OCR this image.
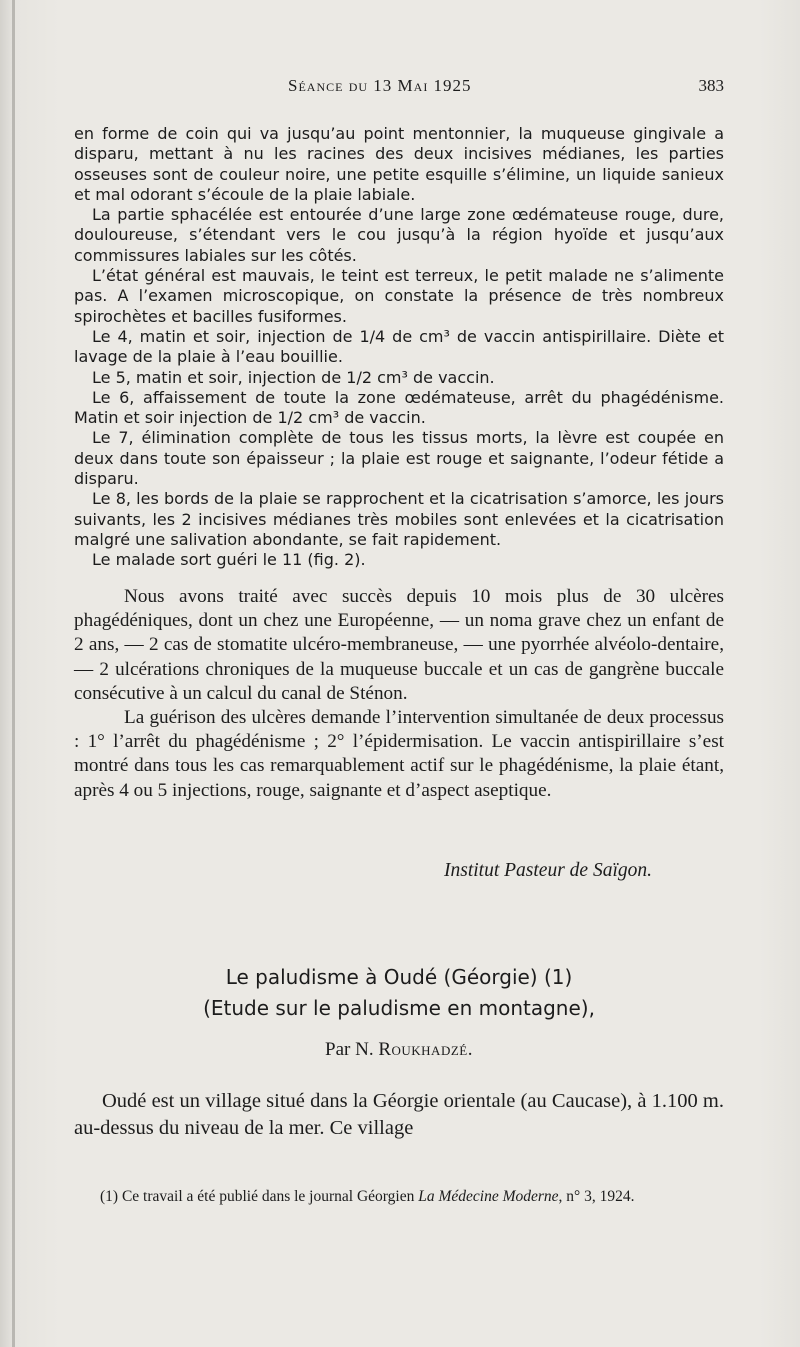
Séance du 13 Mai 1925	383

en forme de coin qui va jusqu’au point mentonnier, la muqueuse gingivale a disparu, mettant à nu les racines des deux incisives médianes, les parties osseuses sont de couleur noire, une petite esquille s’élimine, un liquide sanieux et mal odorant s’écoule de la plaie labiale.

La partie sphacélée est entourée d’une large zone œdémateuse rouge, dure, douloureuse, s’étendant vers le cou jusqu’à la région hyoïde et jusqu’aux commissures labiales sur les côtés.

L’état général est mauvais, le teint est terreux, le petit malade ne s’alimente pas. A l’examen microscopique, on constate la présence de très nombreux spirochètes et bacilles fusiformes.

Le 4, matin et soir, injection de 1/4 de cm³ de vaccin antispirillaire. Diète et lavage de la plaie à l’eau bouillie.

Le 5, matin et soir, injection de 1/2 cm³ de vaccin.

Le 6, affaissement de toute la zone œdémateuse, arrêt du phagédénisme. Matin et soir injection de 1/2 cm³ de vaccin.

Le 7, élimination complète de tous les tissus morts, la lèvre est coupée en deux dans toute son épaisseur ; la plaie est rouge et saignante, l’odeur fétide a disparu.

Le 8, les bords de la plaie se rapprochent et la cicatrisation s’amorce, les jours suivants, les 2 incisives médianes très mobiles sont enlevées et la cicatrisation malgré une salivation abondante, se fait rapidement.

Le malade sort guéri le 11 (fig. 2).

Nous avons traité avec succès depuis 10 mois plus de 30 ulcères phagédéniques, dont un chez une Européenne, — un noma grave chez un enfant de 2 ans, — 2 cas de stomatite ulcéro-membraneuse, — une pyorrhée alvéolo-dentaire, — 2 ulcérations chroniques de la muqueuse buccale et un cas de gangrène buccale consécutive à un calcul du canal de Sténon.

La guérison des ulcères demande l’intervention simultanée de deux processus : 1° l’arrêt du phagédénisme ; 2° l’épidermisation. Le vaccin antispirillaire s’est montré dans tous les cas remarquablement actif sur le phagédénisme, la plaie étant, après 4 ou 5 injections, rouge, saignante et d’aspect aseptique.

Institut Pasteur de Saïgon.
Le paludisme à Oudé (Géorgie) (1)
(Etude sur le paludisme en montagne),
Par N. Roukhadzé.

Oudé est un village situé dans la Géorgie orientale (au Caucase), à 1.100 m. au-dessus du niveau de la mer. Ce village

(1) Ce travail a été publié dans le journal Géorgien La Médecine Moderne, n° 3, 1924.
